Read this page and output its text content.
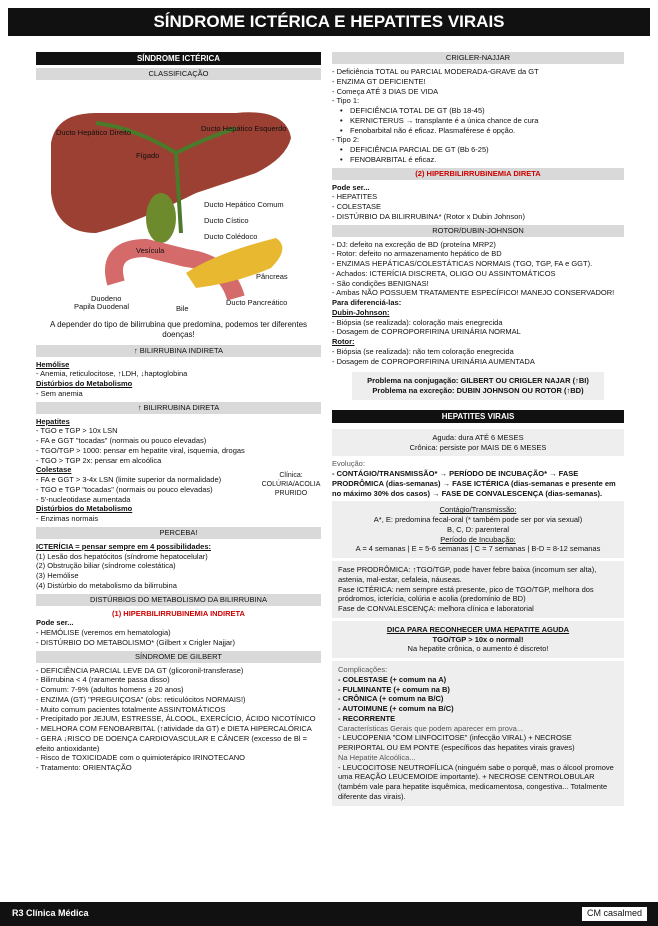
SÍNDROME ICTÉRICA E HEPATITES VIRAIS
SÍNDROME ICTÉRICA
CLASSIFICAÇÃO
Ducto Hepático Direito	Ducto Hepático Esquerdo
Fígado
Ducto Hepático Comum
Ducto Cístico
Ducto Colédoco
Vesícula
Pâncreas
Duodeno	Ducto Pancreático
Papila Duodenal	Bile
A depender do tipo de bilirrubina que predomina, podemos ter diferentes doenças!
↑ BILIRRUBINA INDIRETA

Hemólise

- Anemia, reticulocitose, ↑LDH, ↓haptoglobina

Distúrbios do Metabolismo

- Sem anemia

↑ BILIRRUBINA DIRETA

Hepatites

- TGO e TGP > 10x LSN

- FA e GGT "tocadas" (normais ou pouco elevadas)

- TGO/TGP > 1000: pensar em hepatite viral, isquemia, drogas

- TGO > TGP 2x: pensar em alcoólica

Colestase

- FA e GGT > 3-4x LSN (limite superior da normalidade)

- TGO e TGP "tocadas" (normais ou pouco elevadas)

- 5'-nucleotidase aumentada

Clínica: COLÚRIA/ACOLIA PRURIDO

Distúrbios do Metabolismo

- Enzimas normais

PERCEBA!

ICTERÍCIA = pensar sempre em 4 possibilidades:

(1) Lesão dos hepatócitos (síndrome hepatocelular)

(2) Obstrução biliar (síndrome colestática)

(3) Hemólise

(4) Distúrbio do metabolismo da bilirrubina

DISTÚRBIOS DO METABOLISMO DA BILIRRUBINA

(1) HIPERBILIRRUBINEMIA INDIRETA

Pode ser...

- HEMÓLISE (veremos em hematologia)

- DISTÚRBIO DO METABOLISMO* (Gilbert x Crigler Najjar)

SÍNDROME DE GILBERT

- DEFICIÊNCIA PARCIAL LEVE DA GT (glicoronil-transferase)

- Bilirrubina < 4 (raramente passa disso)

- Comum: 7-9% (adultos homens ± 20 anos)

- ENZIMA (GT) "PREGUIÇOSA" (obs: reticulócitos NORMAIS!)

- Muito comum pacientes totalmente ASSINTOMÁTICOS

- Precipitado por JEJUM, ESTRESSE, ÁLCOOL, EXERCÍCIO, ÁCIDO NICOTÍNICO

- MELHORA COM FENOBARBITAL (↑atividade da GT) e DIETA HIPERCALÓRICA

- GERA ↓RISCO DE DOENÇA CARDIOVASCULAR E CÂNCER (excesso de Bl = efeito antioxidante)

- Risco de TOXICIDADE com o quimioterápico IRINOTECANO

- Tratamento: ORIENTAÇÃO

CRIGLER-NAJJAR

- Deficiência TOTAL ou PARCIAL MODERADA-GRAVE da GT

- ENZIMA GT DEFICIENTE!

- Começa ATÉ 3 DIAS DE VIDA

- Tipo 1:

• DEFICIÊNCIA TOTAL DE GT (Bb 18-45)

• KERNICTERUS → transplante é a única chance de cura

• Fenobarbital não é eficaz. Plasmaférese é opção.

- Tipo 2:

• DEFICIÊNCIA PARCIAL DE GT (Bb 6-25)

• FENOBARBITAL é eficaz.

(2) HIPERBILIRRUBINEMIA DIRETA

Pode ser...

- HEPATITES

- COLESTASE

- DISTÚRBIO DA BILIRRUBINA* (Rotor x Dubin Johnson)

ROTOR/DUBIN-JOHNSON

- DJ: defeito na excreção de BD (proteína MRP2)

- Rotor: defeito no armazenamento hepático de BD

- ENZIMAS HEPÁTICAS/COLESTÁTICAS NORMAIS (TGO, TGP, FA e GGT).

- Achados: ICTERÍCIA DISCRETA, OLIGO OU ASSINTOMÁTICOS

- São condições BENIGNAS!

- Ambas NÃO POSSUEM TRATAMENTE ESPECÍFICO! MANEJO CONSERVADOR!

Para diferenciá-las:

Dubin-Johnson:

- Biópsia (se realizada): coloração mais enegrecida

- Dosagem de COPROPORFIRINA URINÁRIA NORMAL

Rotor:

- Biópsia (se realizada): não tem coloração enegrecida

- Dosagem de COPROPORFIRINA URINÁRIA AUMENTADA

Problema na conjugação: GILBERT OU CRIGLER NAJAR (↑BI)

Problema na excreção: DUBIN JOHNSON OU ROTOR (↑BD)

HEPATITES VIRAIS

Aguda: dura ATÉ 6 MESES

Crônica: persiste por MAIS DE 6 MESES

Evolução:

- CONTÁGIO/TRANSMISSÃO* → PERÍODO DE INCUBAÇÃO* → FASE PRODRÔMICA (dias-semanas) → FASE ICTÉRICA (dias-semanas e presente em no máximo 30% dos casos) → FASE DE CONVALESCENÇA (dias-semanas).

Contágio/Transmissão:

A*, E: predomina fecal-oral (* também pode ser por via sexual)

B, C, D: parenteral

Período de Incubação:

A = 4 semanas | E = 5-6 semanas | C = 7 semanas | B-D = 8-12 semanas

Fase PRODRÔMICA: ↑TGO/TGP, pode haver febre baixa (incomum ser alta), astenia, mal-estar, cefaleia, náuseas.

Fase ICTÉRICA: nem sempre está presente, pico de TGO/TGP, melhora dos pródromos, icterícia, colúria e acolia (predomínio de BD)

Fase de CONVALESCENÇA: melhora clínica e laboratorial

DICA PARA RECONHECER UMA HEPATITE AGUDA

TGO/TGP > 10x o normal!

Na hepatite crônica, o aumento é discreto!

Complicações:

- COLESTASE (+ comum na A)

- FULMINANTE (+ comum na B)

- CRÔNICA (+ comum na B/C)

- AUTOIMUNE (+ comum na B/C)

- RECORRENTE

Características Gerais que podem aparecer em prova...

- LEUCOPENIA "COM LINFOCITOSE" (infecção VIRAL) + NECROSE PERIPORTAL OU EM PONTE (específicos das hepatites virais graves)

Na Hepatite Alcoólica...

- LEUCOCITOSE NEUTROFÍLICA (ninguém sabe o porquê, mas o álcool promove uma REAÇÃO LEUCEMOIDE importante). + NECROSE CENTROLOBULAR (também vale para hepatite isquêmica, medicamentosa, congestiva... Totalmente diferente das virais).

R3 Clínica Médica	CM casalmed
